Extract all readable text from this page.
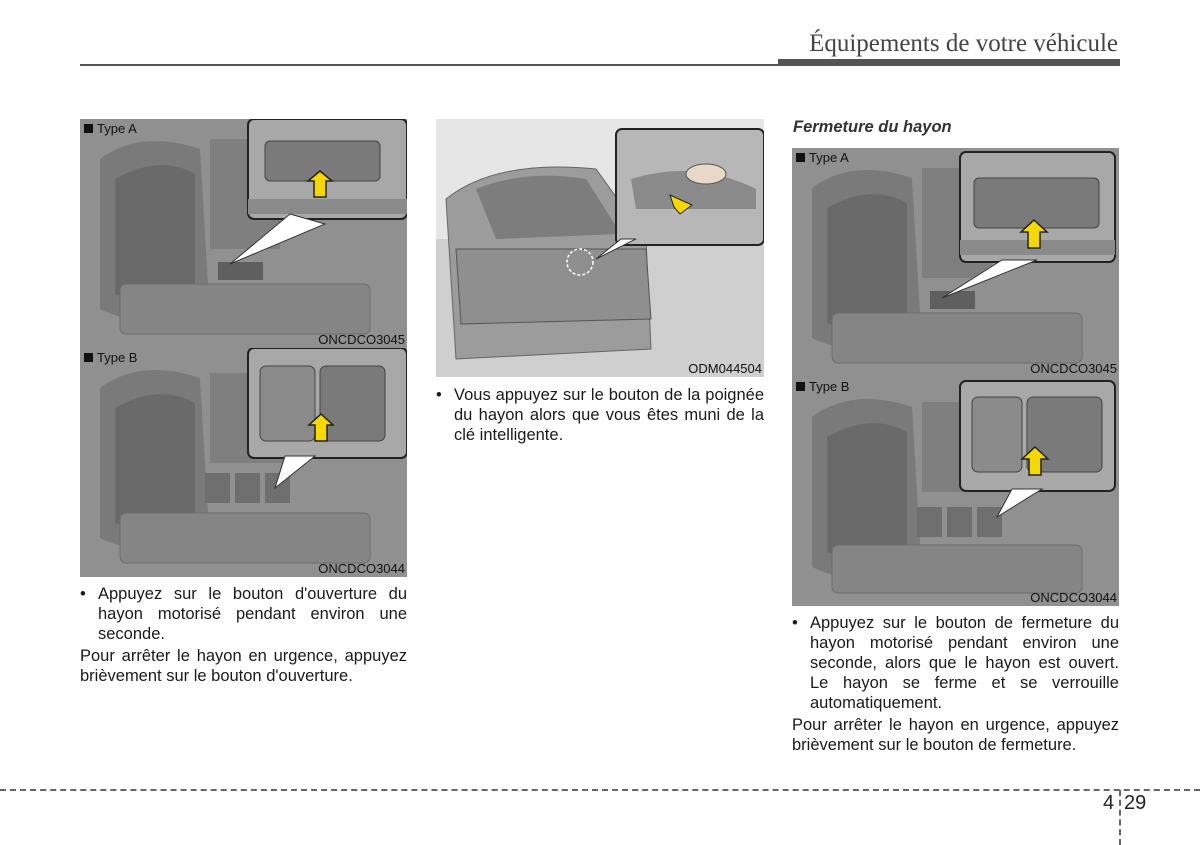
Équipements de votre véhicule
Type A
ONCDCO3045
Type B
ONCDCO3044
• Appuyez sur le bouton d'ouverture du hayon motorisé pendant environ une seconde.
Pour arrêter le hayon en urgence, appuyez brièvement sur le bouton d'ouverture.
ODM044504
• Vous appuyez sur le bouton de la poignée du hayon alors que vous êtes muni de la clé intelligente.
Fermeture du hayon
Type A
ONCDCO3045
Type B
ONCDCO3044
• Appuyez sur le bouton de fermeture du hayon motorisé pendant environ une seconde, alors que le hayon est ouvert. Le hayon se ferme et se verrouille automatiquement.
Pour arrêter le hayon en urgence, appuyez brièvement sur le bouton de fermeture.
4 29
